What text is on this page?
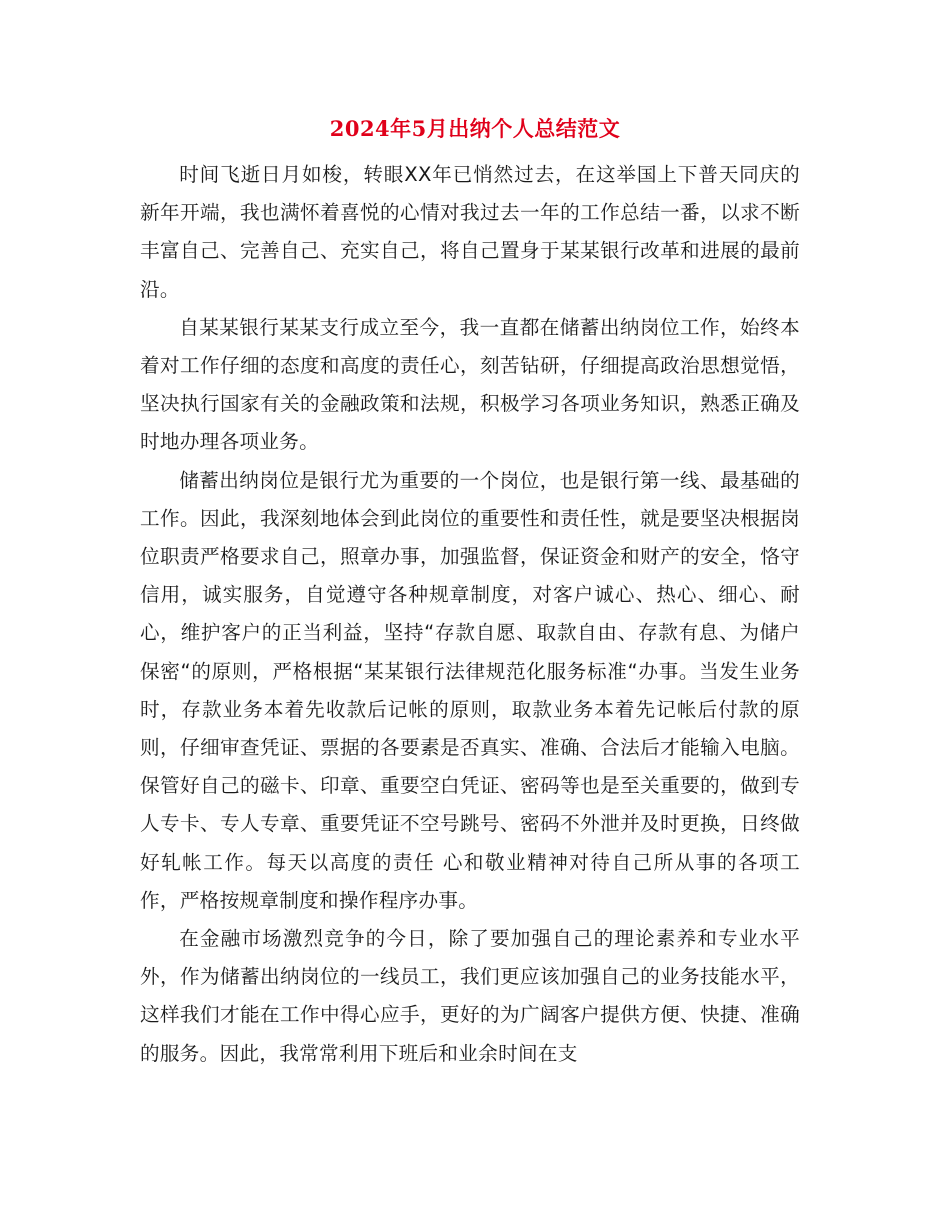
2024年5月出纳个人总结范文

时间飞逝日月如梭，转眼XX年已悄然过去，在这举国上下普天同庆的新年开端，我也满怀着喜悦的心情对我过去一年的工作总结一番，以求不断丰富自己、完善自己、充实自己，将自己置身于某某银行改革和进展的最前沿。

自某某银行某某支行成立至今，我一直都在储蓄出纳岗位工作，始终本着对工作仔细的态度和高度的责任心，刻苦钻研，仔细提高政治思想觉悟，坚决执行国家有关的金融政策和法规，积极学习各项业务知识，熟悉正确及时地办理各项业务。

储蓄出纳岗位是银行尤为重要的一个岗位，也是银行第一线、最基础的工作。因此，我深刻地体会到此岗位的重要性和责任性，就是要坚决根据岗位职责严格要求自己，照章办事，加强监督，保证资金和财产的安全，恪守信用，诚实服务，自觉遵守各种规章制度，对客户诚心、热心、细心、耐心，维护客户的正当利益，坚持“存款自愿、取款自由、存款有息、为储户保密“的原则，严格根据“某某银行法律规范化服务标准“办事。当发生业务时，存款业务本着先收款后记帐的原则，取款业务本着先记帐后付款的原则，仔细审查凭证、票据的各要素是否真实、准确、合法后才能输入电脑。保管好自己的磁卡、印章、重要空白凭证、密码等也是至关重要的，做到专人专卡、专人专章、重要凭证不空号跳号、密码不外泄并及时更换，日终做好轧帐工作。每天以高度的责任 心和敬业精神对待自己所从事的各项工作，严格按规章制度和操作程序办事。

在金融市场激烈竞争的今日，除了要加强自己的理论素养和专业水平外，作为储蓄出纳岗位的一线员工，我们更应该加强自己的业务技能水平，这样我们才能在工作中得心应手，更好的为广阔客户提供方便、快捷、准确的服务。因此，我常常利用下班后和业余时间在支
